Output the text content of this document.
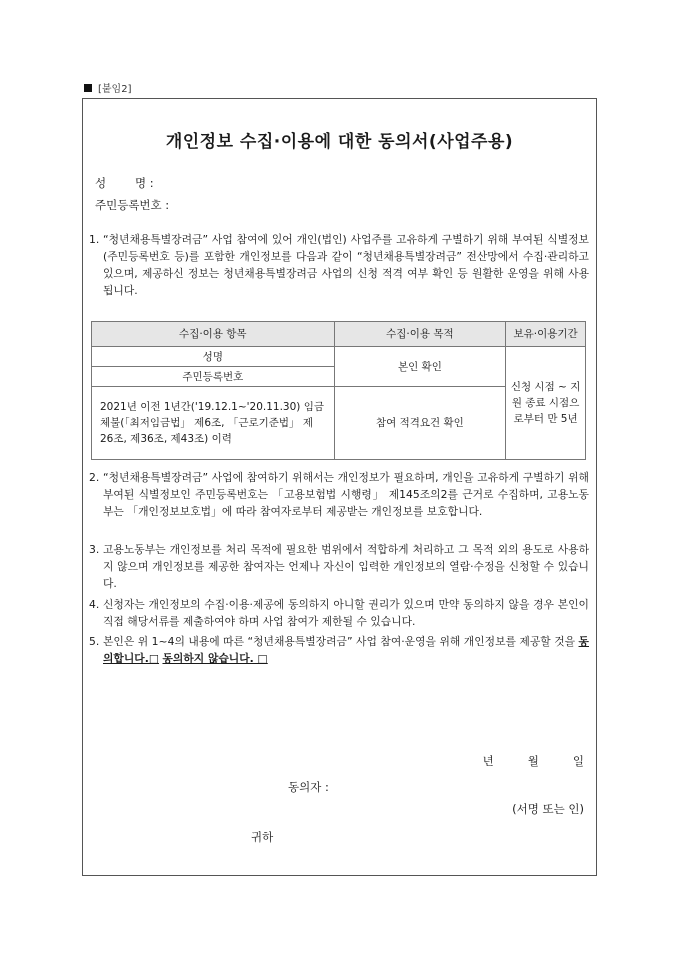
[붙임2]
개인정보 수집·이용에 대한 동의서(사업주용)
성	명 :
주민등록번호 :
1. “청년채용특별장려금” 사업 참여에 있어 개인(법인) 사업주를 고유하게 구별하기 위해 부여된 식별정보(주민등록번호 등)를 포함한 개인정보를 다음과 같이 “청년채용특별장려금” 전산망에서 수집·관리하고 있으며, 제공하신 정보는 청년채용특별장려금 사업의 신청 적격 여부 확인 등 원활한 운영을 위해 사용됩니다.
수집·이용 항목	수집·이용 목적	보유·이용기간
성명	본인 확인	신청 시점 ~ 지원 종료 시점으로부터 만 5년
주민등록번호		
2021년 이전 1년간('19.12.1~'20.11.30) 임금체불(「최저임금법」 제6조, 「근로기준법」 제26조, 제36조, 제43조) 이력	참여 적격요건 확인	
2. “청년채용특별장려금” 사업에 참여하기 위해서는 개인정보가 필요하며, 개인을 고유하게 구별하기 위해 부여된 식별정보인 주민등록번호는 「고용보험법 시행령」 제145조의2를 근거로 수집하며, 고용노동부는 「개인정보보호법」에 따라 참여자로부터 제공받는 개인정보를 보호합니다.
3. 고용노동부는 개인정보를 처리 목적에 필요한 범위에서 적합하게 처리하고 그 목적 외의 용도로 사용하지 않으며 개인정보를 제공한 참여자는 언제나 자신이 입력한 개인정보의 열람·수정을 신청할 수 있습니다.
4. 신청자는 개인정보의 수집·이용·제공에 동의하지 아니할 권리가 있으며 만약 동의하지 않을 경우 본인이 직접 해당서류를 제출하여야 하며 사업 참여가 제한될 수 있습니다.
5. 본인은 위 1~4의 내용에 따른 “청년채용특별장려금” 사업 참여·운영을 위해 개인정보를 제공할 것을 동의합니다.□ 동의하지 않습니다. □
년	월	일
동의자 :
(서명 또는 인)
귀하
